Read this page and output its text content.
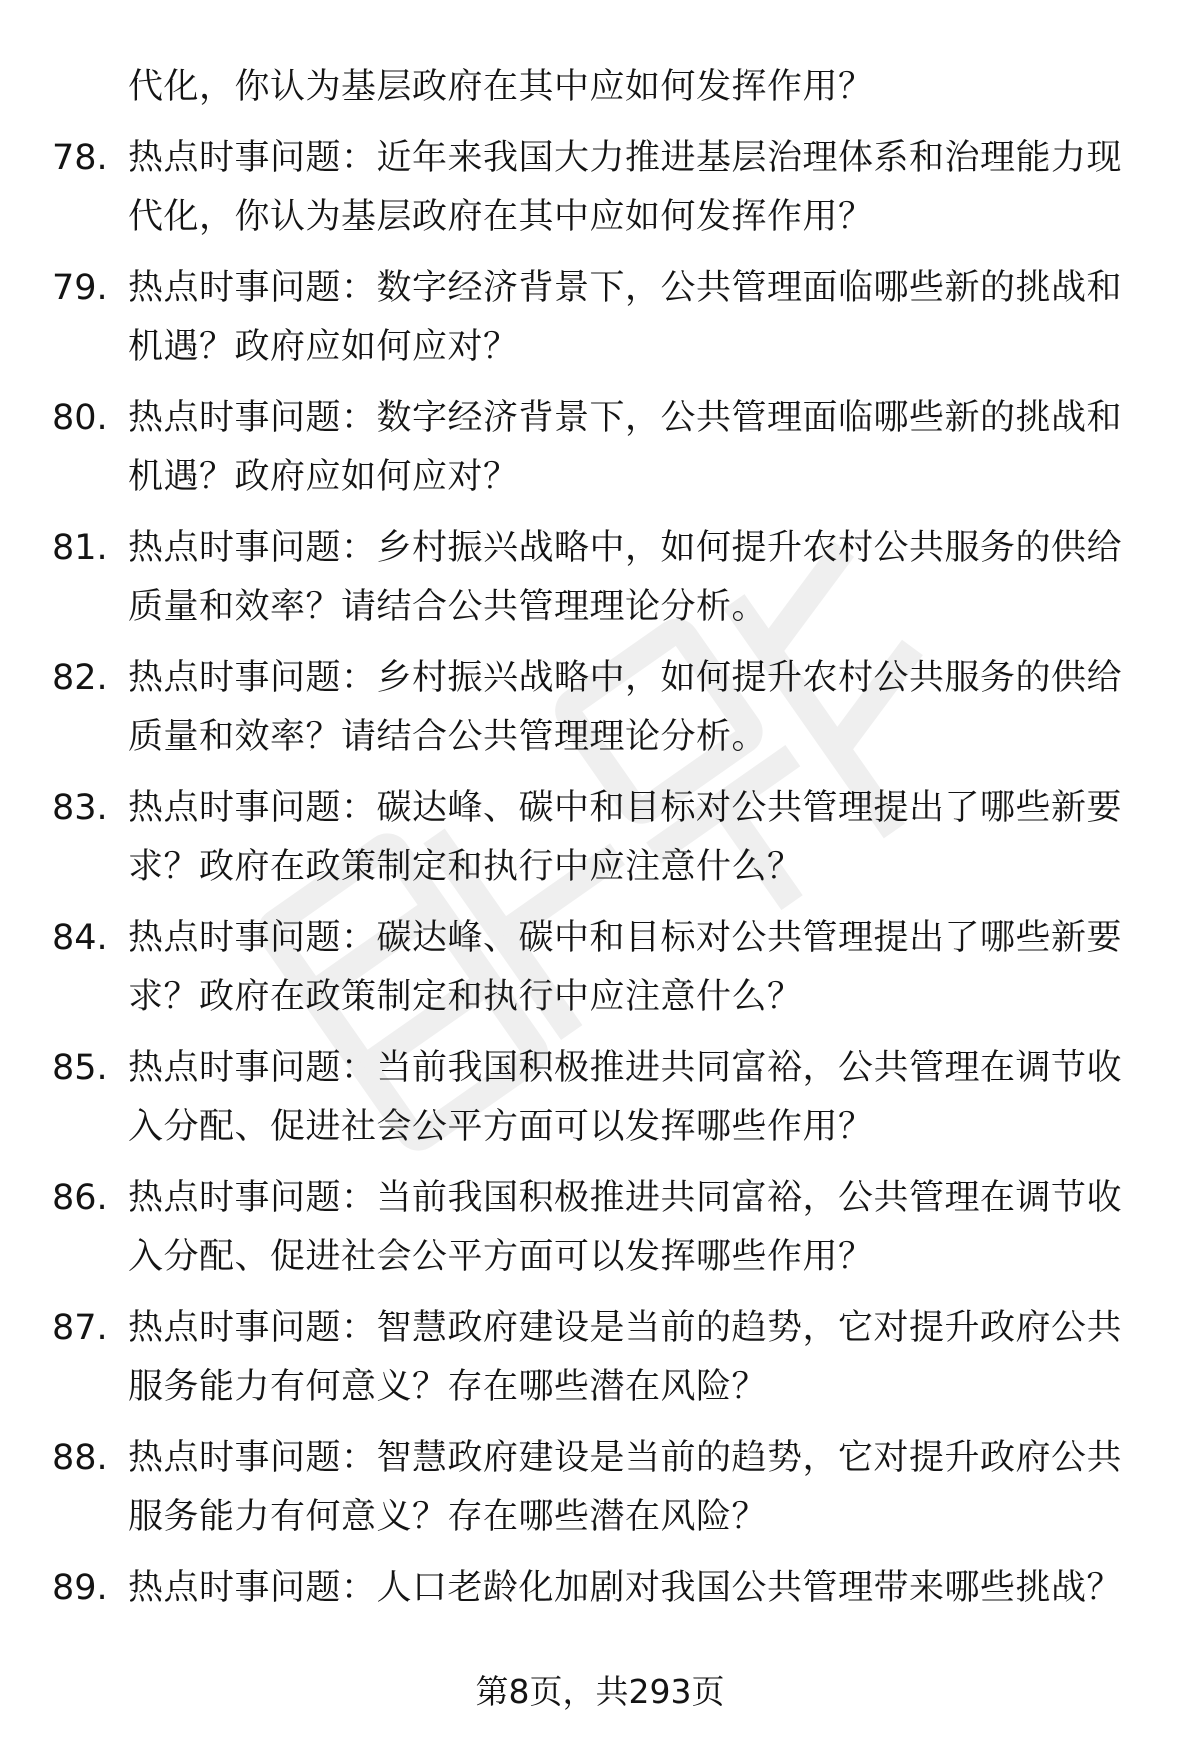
代化，你认为基层政府在其中应如何发挥作用？

78. 热点时事问题：近年来我国大力推进基层治理体系和治理能力现代化，你认为基层政府在其中应如何发挥作用？
79. 热点时事问题：数字经济背景下，公共管理面临哪些新的挑战和机遇？政府应如何应对？
80. 热点时事问题：数字经济背景下，公共管理面临哪些新的挑战和机遇？政府应如何应对？
81. 热点时事问题：乡村振兴战略中，如何提升农村公共服务的供给质量和效率？请结合公共管理理论分析。
82. 热点时事问题：乡村振兴战略中，如何提升农村公共服务的供给质量和效率？请结合公共管理理论分析。
83. 热点时事问题：碳达峰、碳中和目标对公共管理提出了哪些新要求？政府在政策制定和执行中应注意什么？
84. 热点时事问题：碳达峰、碳中和目标对公共管理提出了哪些新要求？政府在政策制定和执行中应注意什么？
85. 热点时事问题：当前我国积极推进共同富裕，公共管理在调节收入分配、促进社会公平方面可以发挥哪些作用？
86. 热点时事问题：当前我国积极推进共同富裕，公共管理在调节收入分配、促进社会公平方面可以发挥哪些作用？
87. 热点时事问题：智慧政府建设是当前的趋势，它对提升政府公共服务能力有何意义？存在哪些潜在风险？
88. 热点时事问题：智慧政府建设是当前的趋势，它对提升政府公共服务能力有何意义？存在哪些潜在风险？
89. 热点时事问题：人口老龄化加剧对我国公共管理带来哪些挑战？
第8页，共293页
